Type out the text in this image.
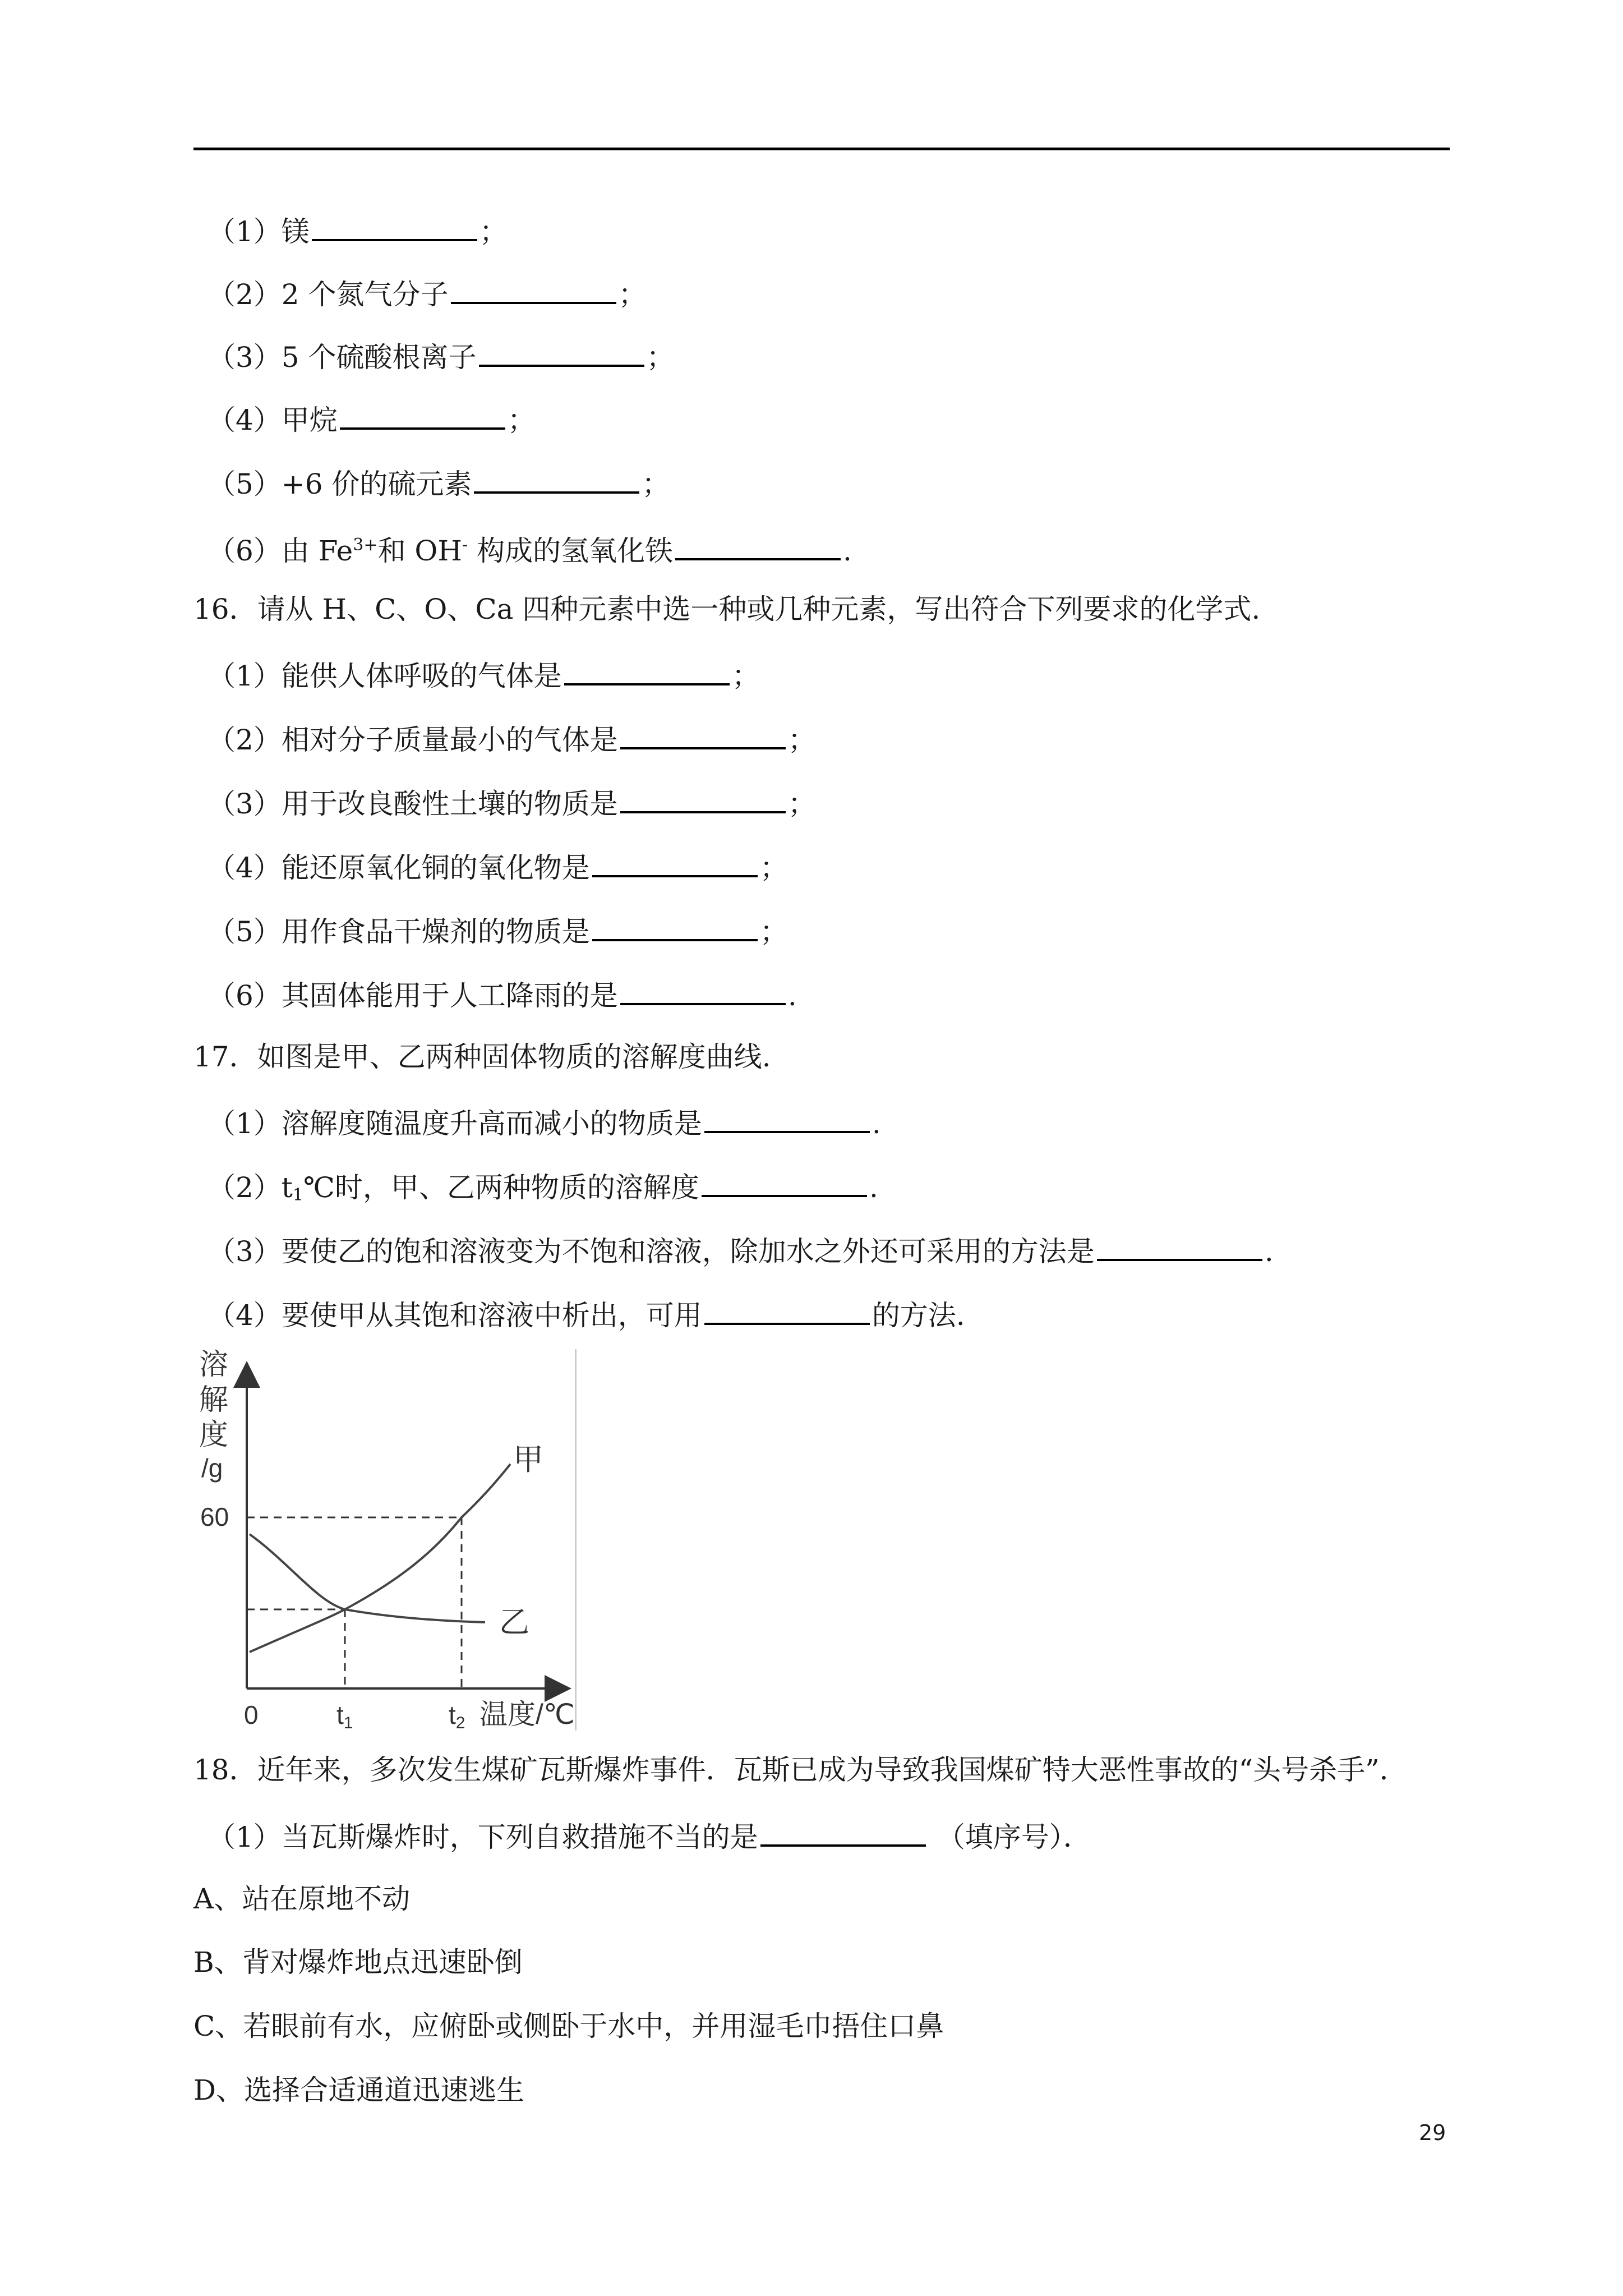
（1）镁	；
（2）2 个氮气分子	；
（3）5 个硫酸根离子	；
（4）甲烷	；
（5）+6 价的硫元素	；
（6）由 $Fe^{3+}$和 OH- 构成的氢氧化铁	.
16．请从 H、C、O、Ca 四种元素中选一种或几种元素，写出符合下列要求的化学式.
（1）能供人体呼吸的气体是	；
（2）相对分子质量最小的气体是	；
（3）用于改良酸性土壤的物质是	；
（4）能还原氧化铜的氧化物是	；
（5）用作食品干燥剂的物质是	；
（6）其固体能用于人工降雨的是	.
17．如图是甲、乙两种固体物质的溶解度曲线.
（1）溶解度随温度升高而减小的物质是	.
$(2)t_1℃$时，甲、乙两种物质的溶解度	.
（3）要使乙的饱和溶液变为不饱和溶液，除加水之外还可采用的方法是	.
（4）要使甲从其饱和溶液中析出，可用	的方法.
溶
解
度
/g
60
0	t1	t2 温度/℃
甲
乙
18．近年来，多次发生煤矿瓦斯爆炸事件．瓦斯已成为导致我国煤矿特大恶性事故的“头号杀手”．
（1）当瓦斯爆炸时，下列自救措施不当的是	（填序号）．
A、站在原地不动
B、背对爆炸地点迅速卧倒
C、若眼前有水，应俯卧或侧卧于水中，并用湿毛巾捂住口鼻
D、选择合适通道迅速逃生
29
